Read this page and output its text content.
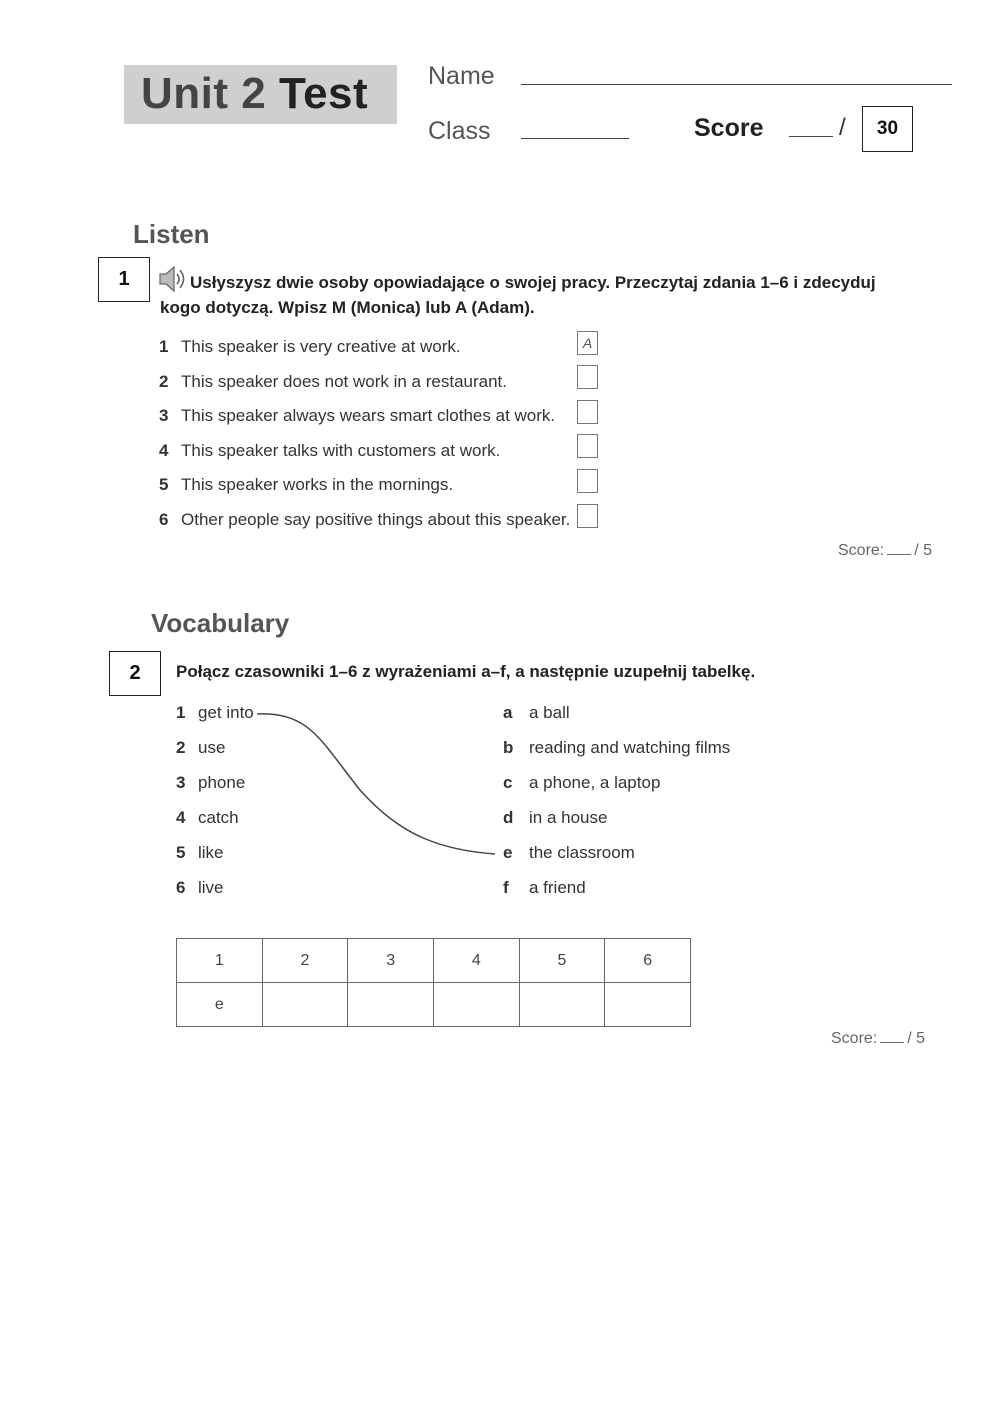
Unit 2 Test Name
Class	Score	/ 30
Listen
1	Usłyszysz dwie osoby opowiadające o swojej pracy. Przeczytaj zdania 1–6 i zdecyduj kogo dotyczą. Wpisz M (Monica) lub A (Adam).
1 This speaker is very creative at work.
2 This speaker does not work in a restaurant.
3 This speaker always wears smart clothes at work.
4 This speaker talks with customers at work.
5 This speaker works in the mornings.
6 Other people say positive things about this speaker.
A
Score: / 5
Vocabulary
2 Połącz czasowniki 1–6 z wyrażeniami a–f, a następnie uzupełnij tabelkę.
1 get into
2 use
3 phone
4 catch
5 like
6 live
a a ball
b reading and watching films
c a phone, a laptop
d in a house
e the classroom
f a friend
1	2	3	4	5	6
e					
Score: / 5
